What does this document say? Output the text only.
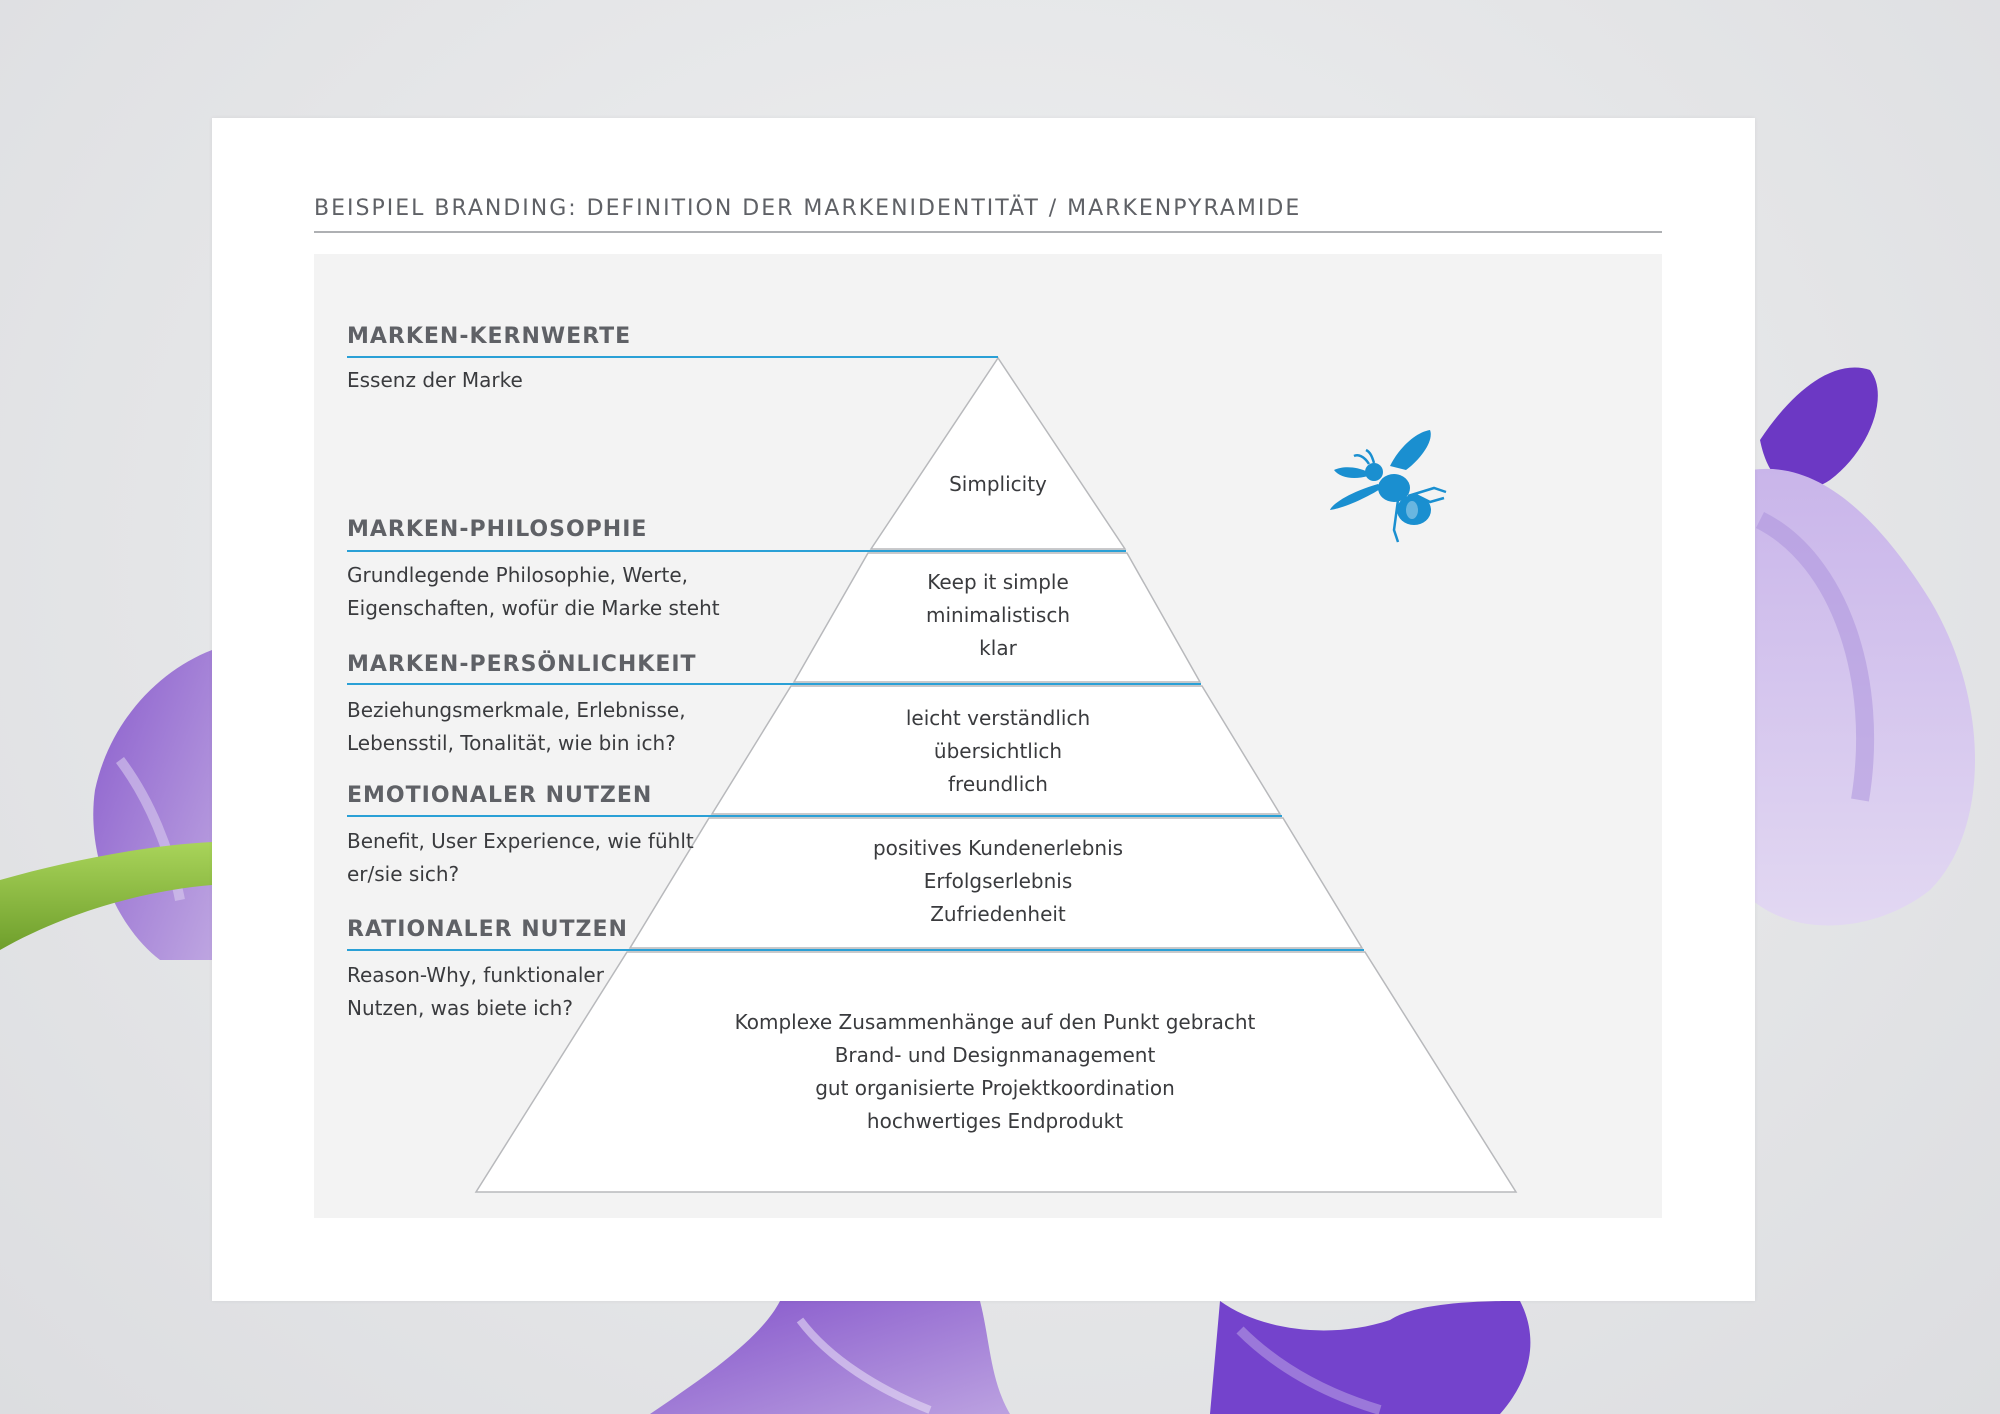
BEISPIEL BRANDING: DEFINITION DER MARKENIDENTITÄT / MARKENPYRAMIDE
MARKEN-KERNWERTE

Essenz der Marke

MARKEN-PHILOSOPHIE

Grundlegende Philosophie, Werte,
Eigenschaften, wofür die Marke steht

MARKEN-PERSÖNLICHKEIT

Beziehungsmerkmale, Erlebnisse,
Lebensstil, Tonalität, wie bin ich?

EMOTIONALER NUTZEN

Benefit, User Experience, wie fühlt
er/sie sich?

RATIONALER NUTZEN

Reason-Why, funktionaler
Nutzen, was biete ich?

Simplicity
Keep it simple
minimalistisch
klar
leicht verständlich
übersichtlich
freundlich
positives Kundenerlebnis
Erfolgserlebnis
Zufriedenheit
Komplexe Zusammenhänge auf den Punkt gebracht
Brand- und Designmanagement
gut organisierte Projektkoordination
hochwertiges Endprodukt
